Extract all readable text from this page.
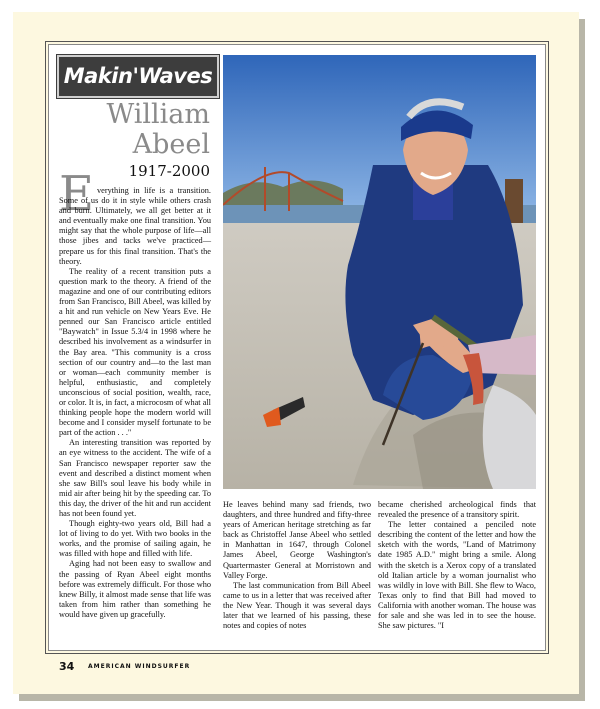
Makin'Waves
William
Abeel
1917-2000
E verything in life is a transition. Some of us do it in style while others crash and burn. Ultimately, we all get better at it and eventually make one final transition. You might say that the whole purpose of life—all those jibes and tacks we've practiced—prepare us for this final transition. That's the theory.

The reality of a recent transition puts a question mark to the theory. A friend of the magazine and one of our contributing editors from San Francisco, Bill Abeel, was killed by a hit and run vehicle on New Years Eve. He penned our San Francisco article entitled "Baywatch" in Issue 5.3/4 in 1998 where he described his involvement as a windsurfer in the Bay area. "This community is a cross section of our country and—to the last man or woman—each community member is helpful, enthusiastic, and completely unconscious of social position, wealth, race, or color. It is, in fact, a microcosm of what all thinking people hope the modern world will become and I consider myself fortunate to be part of the action . . ."

An interesting transition was reported by an eye witness to the accident. The wife of a San Francisco newspaper reporter saw the event and described a distinct moment when she saw Bill's soul leave his body while in mid air after being hit by the speeding car. To this day, the driver of the hit and run accident has not been found yet.

Though eighty-two years old, Bill had a lot of living to do yet. With two books in the works, and the promise of sailing again, he was filled with hope and filled with life.

Aging had not been easy to swallow and the passing of Ryan Abeel eight months before was extremely difficult. For those who knew Billy, it almost made sense that life was taken from him rather than something he would have given up gracefully.

He leaves behind many sad friends, two daughters, and three hundred and fifty-three years of American heritage stretching as far back as Christoffel Janse Abeel who settled in Manhattan in 1647, through Colonel James Abeel, George Washington's Quartermaster General at Morristown and Valley Forge.

The last communication from Bill Abeel came to us in a letter that was received after the New Year. Though it was several days later that we learned of his passing, these notes and copies of notes

became cherished archeological finds that revealed the presence of a transitory spirit.

The letter contained a penciled note describing the content of the letter and how the sketch with the words, "Land of Matrimony date 1985 A.D." might bring a smile. Along with the sketch is a Xerox copy of a translated old Italian article by a woman journalist who was wildly in love with Bill. She flew to Waco, Texas only to find that Bill had moved to California with another woman. The house was for sale and she was led in to see the house. She saw pictures. "I

34 AMERICAN WINDSURFER
